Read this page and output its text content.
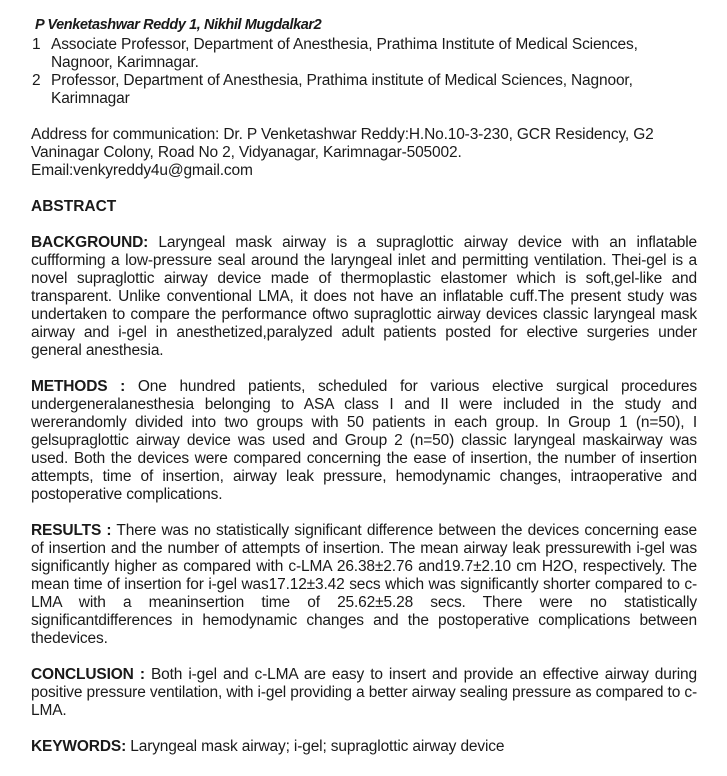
P Venketashwar Reddy 1, Nikhil Mugdalkar2
1 Associate Professor, Department of Anesthesia, Prathima Institute of Medical Sciences, Nagnoor, Karimnagar.
2 Professor, Department of Anesthesia, Prathima institute of Medical Sciences, Nagnoor, Karimnagar
Address for communication: Dr. P Venketashwar Reddy:H.No.10-3-230, GCR Residency, G2
Vaninagar Colony, Road No 2, Vidyanagar, Karimnagar-505002.
Email:venkyreddy4u@gmail.com
ABSTRACT
BACKGROUND: Laryngeal mask airway is a supraglottic airway device with an inflatable cuffforming a low-pressure seal around the laryngeal inlet and permitting ventilation. Thei-gel is a novel supraglottic airway device made of thermoplastic elastomer which is soft,gel-like and transparent. Unlike conventional LMA, it does not have an inflatable cuff.The present study was undertaken to compare the performance oftwo supraglottic airway devices classic laryngeal mask airway and i-gel in anesthetized,paralyzed adult patients posted for elective surgeries under general anesthesia.
METHODS : One hundred patients, scheduled for various elective surgical procedures undergeneralanesthesia belonging to ASA class I and II were included in the study and wererandomly divided into two groups with 50 patients in each group. In Group 1 (n=50), I gelsupraglottic airway device was used and Group 2 (n=50) classic laryngeal maskairway was used. Both the devices were compared concerning the ease of insertion, the number of insertion attempts, time of insertion, airway leak pressure, hemodynamic changes, intraoperative and postoperative complications.
RESULTS : There was no statistically significant difference between the devices concerning ease of insertion and the number of attempts of insertion. The mean airway leak pressurewith i-gel was significantly higher as compared with c-LMA 26.38±2.76 and19.7±2.10 cm H2O, respectively. The mean time of insertion for i-gel was17.12±3.42 secs which was significantly shorter compared to c-LMA with a meaninsertion time of 25.62±5.28 secs. There were no statistically significantdifferences in hemodynamic changes and the postoperative complications between thedevices.
CONCLUSION : Both i-gel and c-LMA are easy to insert and provide an effective airway during positive pressure ventilation, with i-gel providing a better airway sealing pressure as compared to c-LMA.
KEYWORDS: Laryngeal mask airway; i-gel; supraglottic airway device
